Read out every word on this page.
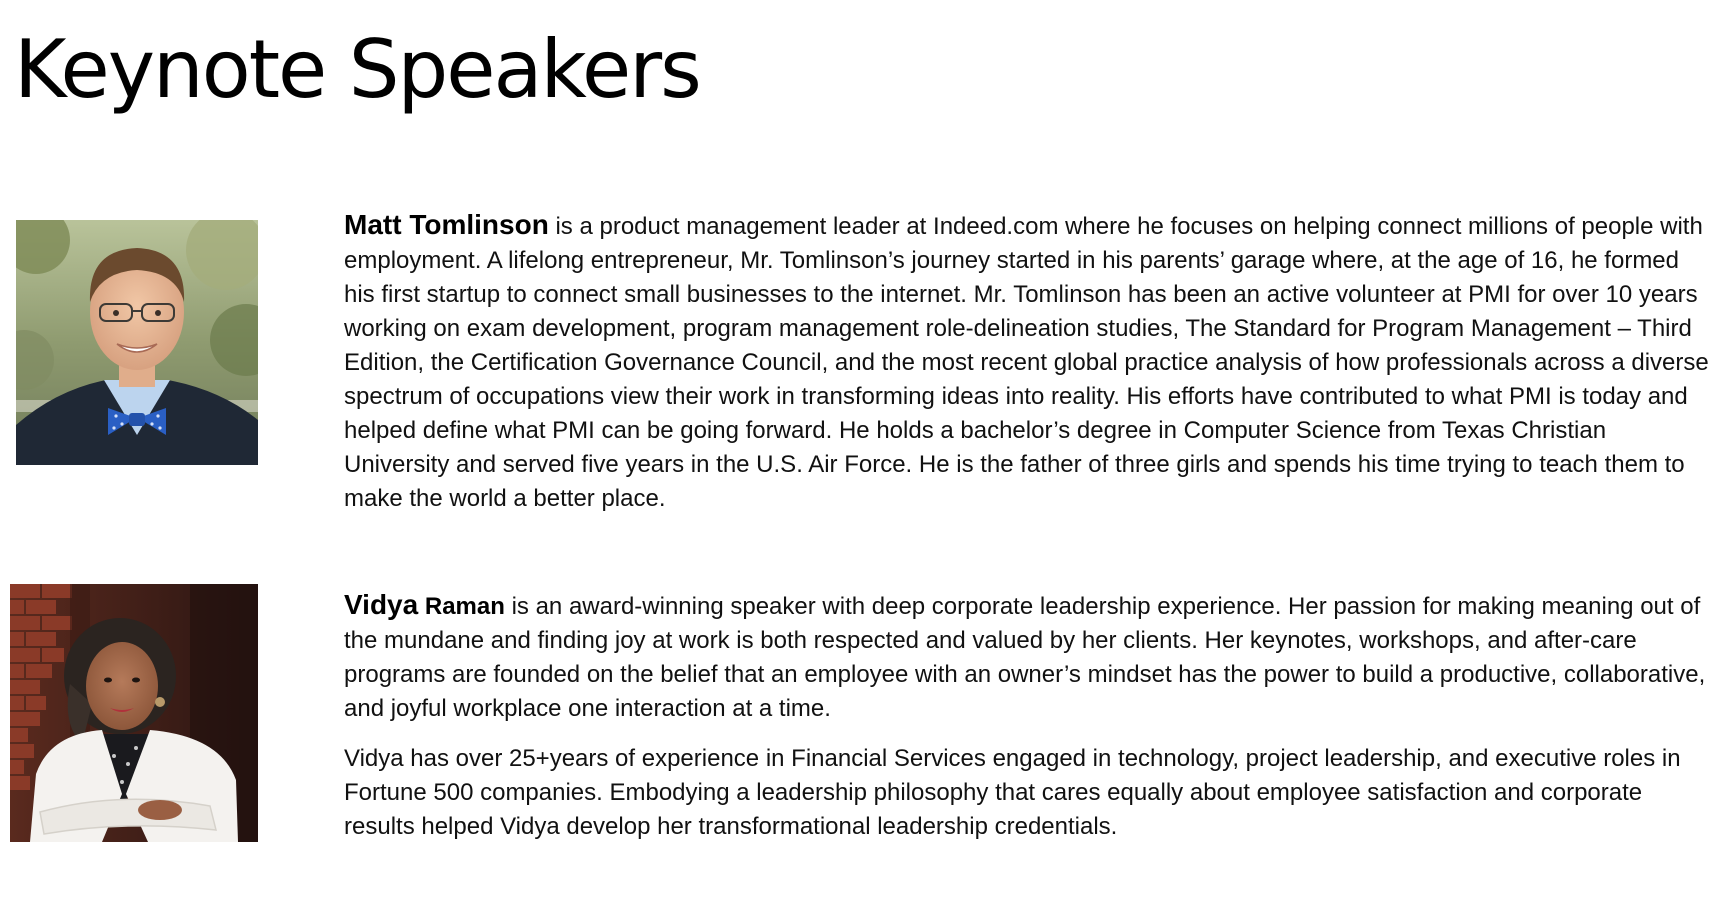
Keynote Speakers

Matt Tomlinson is a product management leader at Indeed.com where he focuses on helping connect millions of people with employment. A lifelong entrepreneur, Mr. Tomlinson’s journey started in his parents’ garage where, at the age of 16, he formed his first startup to connect small businesses to the internet. Mr. Tomlinson has been an active volunteer at PMI for over 10 years working on exam development, program management role-delineation studies, The Standard for Program Management – Third Edition, the Certification Governance Council, and the most recent global practice analysis of how professionals across a diverse spectrum of occupations view their work in transforming ideas into reality. His efforts have contributed to what PMI is today and helped define what PMI can be going forward. He holds a bachelor’s degree in Computer Science from Texas Christian University and served five years in the U.S. Air Force. He is the father of three girls and spends his time trying to teach them to make the world a better place.

Vidya Raman is an award-winning speaker with deep corporate leadership experience. Her passion for making meaning out of the mundane and finding joy at work is both respected and valued by her clients. Her keynotes, workshops, and after-care programs are founded on the belief that an employee with an owner’s mindset has the power to build a productive, collaborative, and joyful workplace one interaction at a time.

Vidya has over 25+years of experience in Financial Services engaged in technology, project leadership, and executive roles in Fortune 500 companies. Embodying a leadership philosophy that cares equally about employee satisfaction and corporate results helped Vidya develop her transformational leadership credentials.
